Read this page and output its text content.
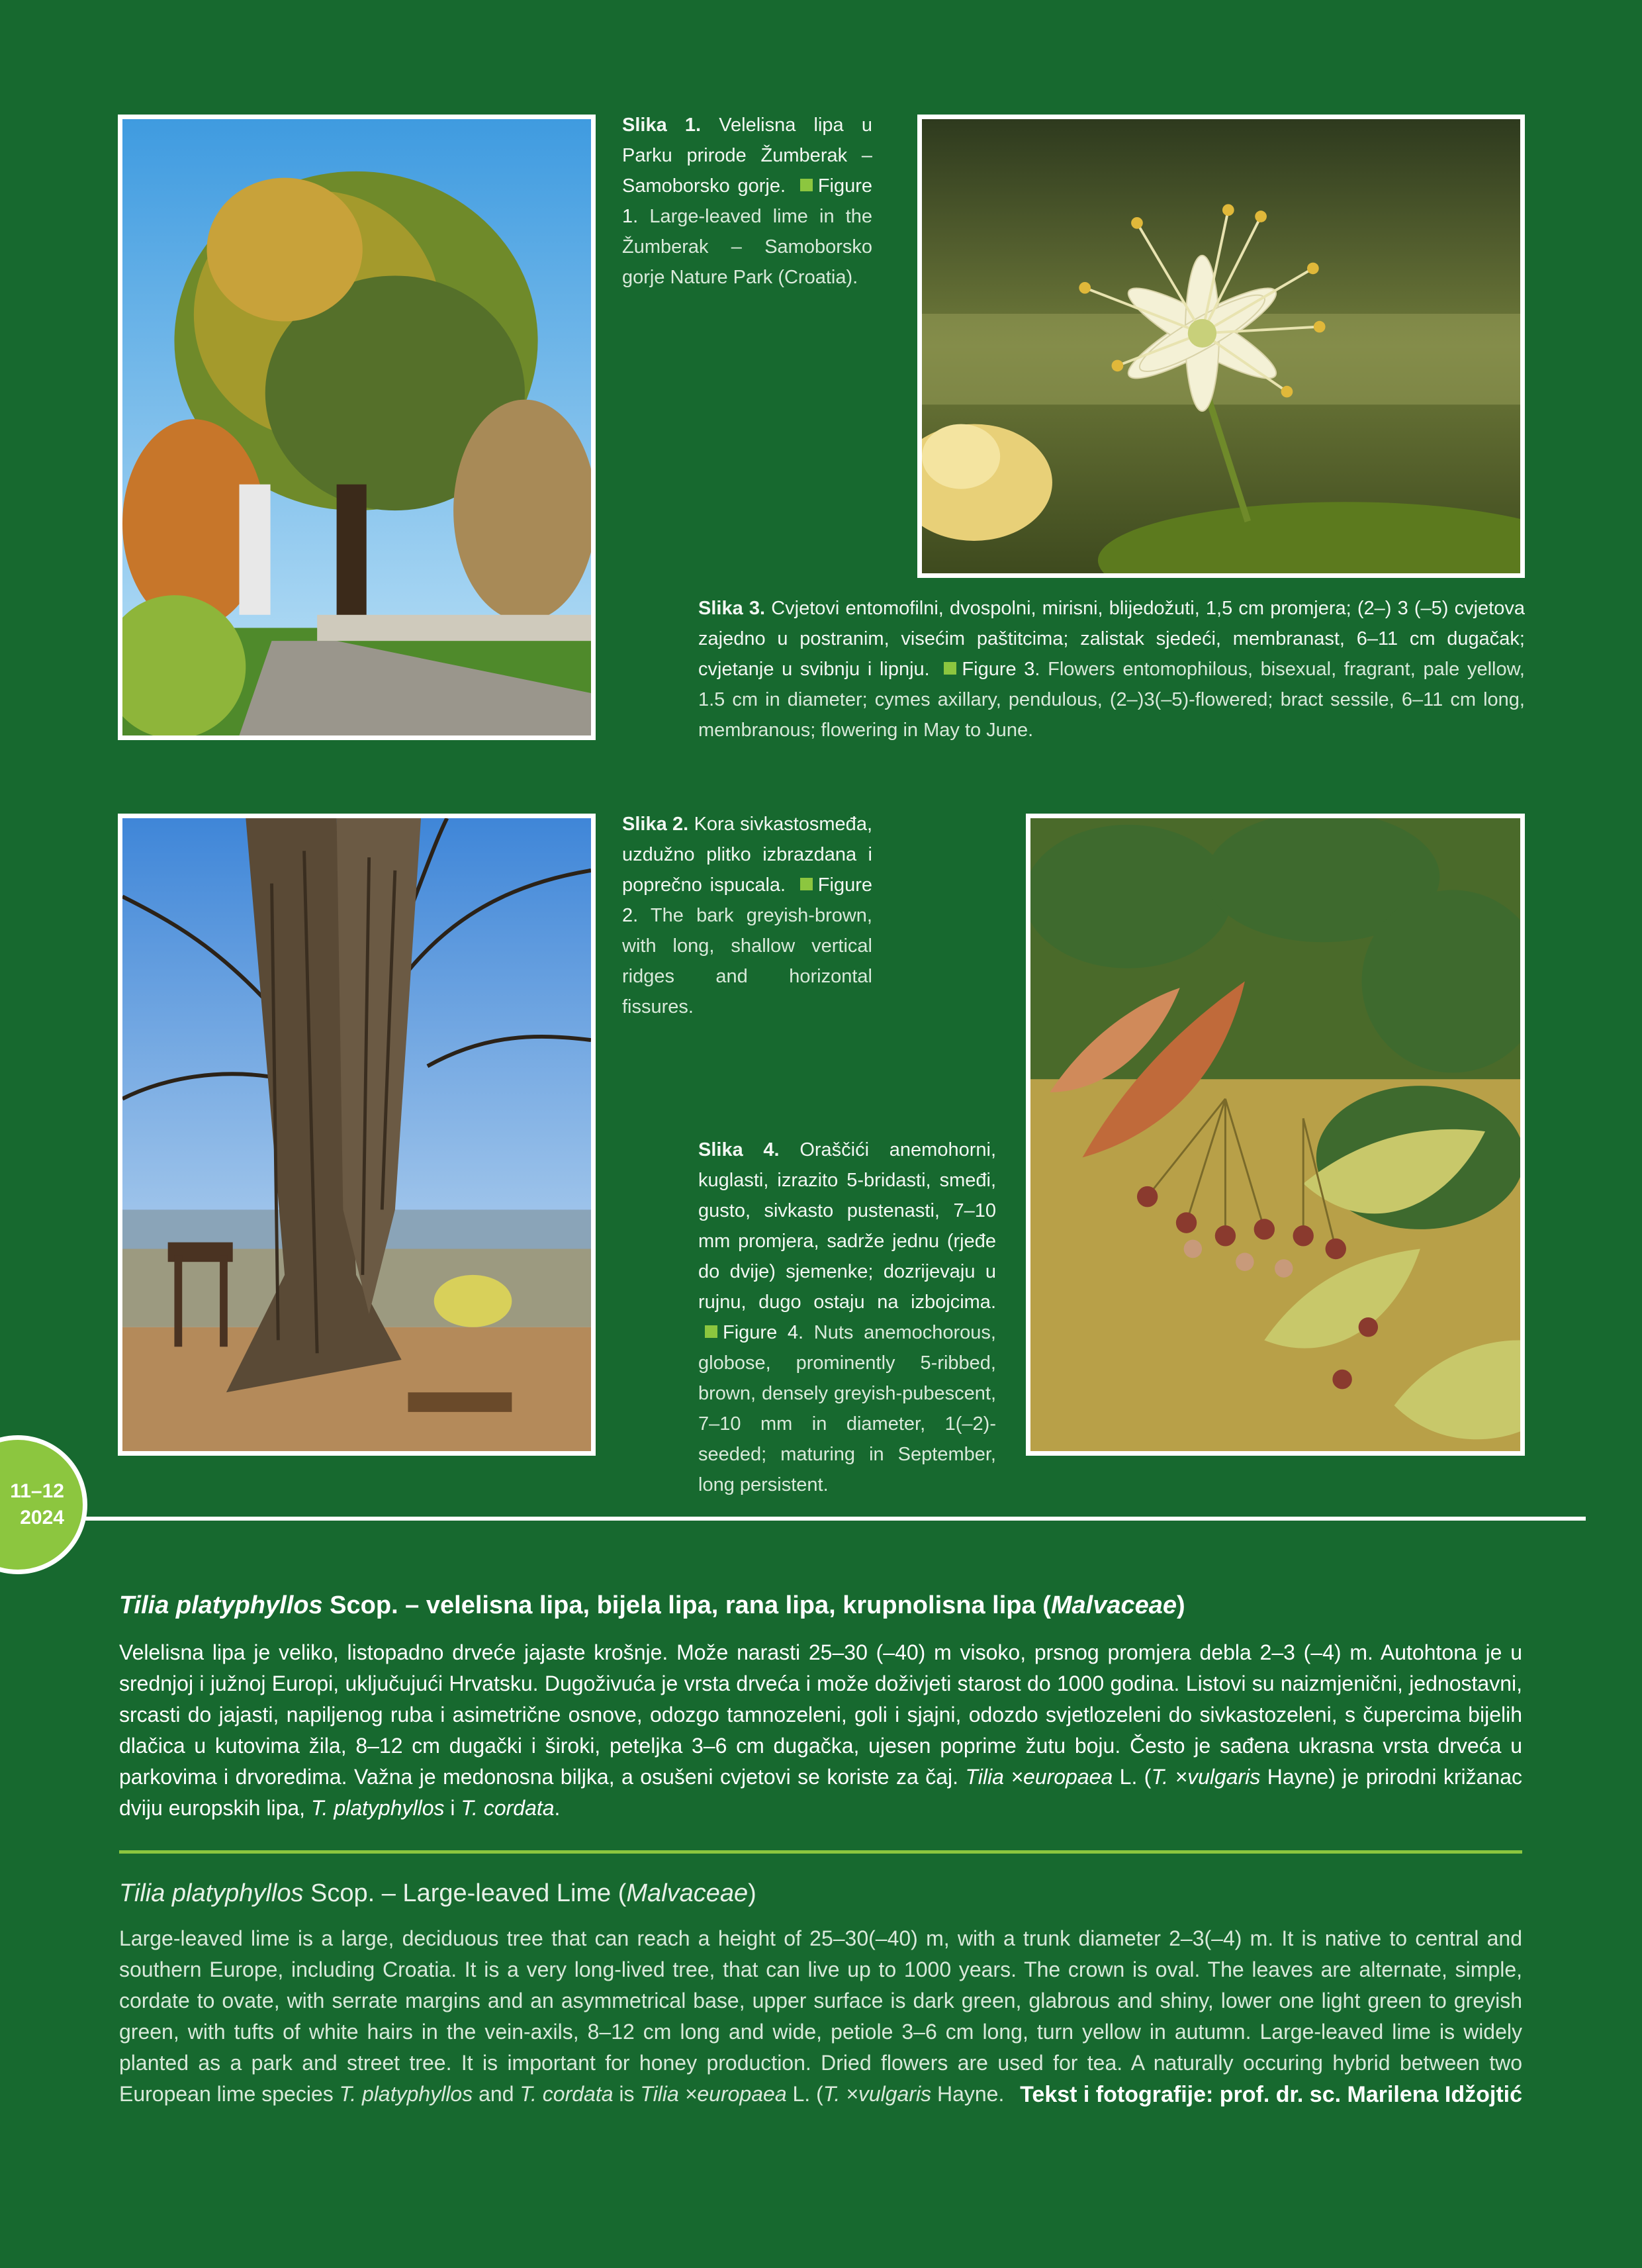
Slika 1. Velelisna lipa u Parku prirode Žumberak – Samoborsko gorje. Figure 1. Large-leaved lime in the Žumberak – Samoborsko gorje Nature Park (Croatia).
Slika 3. Cvjetovi entomofilni, dvospolni, mirisni, blijedožuti, 1,5 cm promjera; (2–) 3 (–5) cvjetova zajedno u postranim, visećim paštitcima; zalistak sjedeći, membranast, 6–11 cm dugačak; cvjetanje u svibnju i lipnju. Figure 3. Flowers entomophilous, bisexual, fragrant, pale yellow, 1.5 cm in diameter; cymes axillary, pendulous, (2–)3(–5)-flowered; bract sessile, 6–11 cm long, membranous; flowering in May to June.
Slika 2. Kora sivkastosmeđa, uzdužno plitko izbrazdana i poprečno ispucala. Figure 2. The bark greyish-brown, with long, shallow vertical ridges and horizontal fissures.
Slika 4. Oraščići anemohorni, kuglasti, izrazito 5-bridasti, smeđi, gusto, sivkasto pustenasti, 7–10 mm promjera, sadrže jednu (rjeđe do dvije) sjemenke; dozrijevaju u rujnu, dugo ostaju na izbojcima. Figure 4. Nuts anemochorous, globose, prominently 5-ribbed, brown, densely greyish-pubescent, 7–10 mm in diameter, 1(–2)-seeded; maturing in September, long persistent.
11–12
2024
Tilia platyphyllos Scop. – velelisna lipa, bijela lipa, rana lipa, krupnolisna lipa (Malvaceae)
Velelisna lipa je veliko, listopadno drveće jajaste krošnje. Može narasti 25–30 (–40) m visoko, prsnog promjera debla 2–3 (–4) m. Autohtona je u srednjoj i južnoj Europi, uključujući Hrvatsku. Dugoživuća je vrsta drveća i može doživjeti starost do 1000 godina. Listovi su naizmjenični, jednostavni, srcasti do jajasti, napiljenog ruba i asimetrične osnove, odozgo tamnozeleni, goli i sjajni, odozdo svjetlozeleni do sivkastozeleni, s čupercima bijelih dlačica u kutovima žila, 8–12 cm dugački i široki, peteljka 3–6 cm dugačka, ujesen poprime žutu boju. Često je sađena ukrasna vrsta drveća u parkovima i drvoredima. Važna je medonosna biljka, a osušeni cvjetovi se koriste za čaj. Tilia ×europaea L. (T. ×vulgaris Hayne) je prirodni križanac dviju europskih lipa, T. platyphyllos i T. cordata.
Tilia platyphyllos Scop. – Large-leaved Lime (Malvaceae)
Large-leaved lime is a large, deciduous tree that can reach a height of 25–30(–40) m, with a trunk diameter 2–3(–4) m. It is native to central and southern Europe, including Croatia. It is a very long-lived tree, that can live up to 1000 years. The crown is oval. The leaves are alternate, simple, cordate to ovate, with serrate margins and an asymmetrical base, upper surface is dark green, glabrous and shiny, lower one light green to greyish green, with tufts of white hairs in the vein-axils, 8–12 cm long and wide, petiole 3–6 cm long, turn yellow in autumn. Large-leaved lime is widely planted as a park and street tree. It is important for honey production. Dried flowers are used for tea. A naturally occuring hybrid between two European lime species T. platyphyllos and T. cordata is Tilia ×europaea L. (T. ×vulgaris Hayne. Tekst i fotografije: prof. dr. sc. Marilena Idžojtić
